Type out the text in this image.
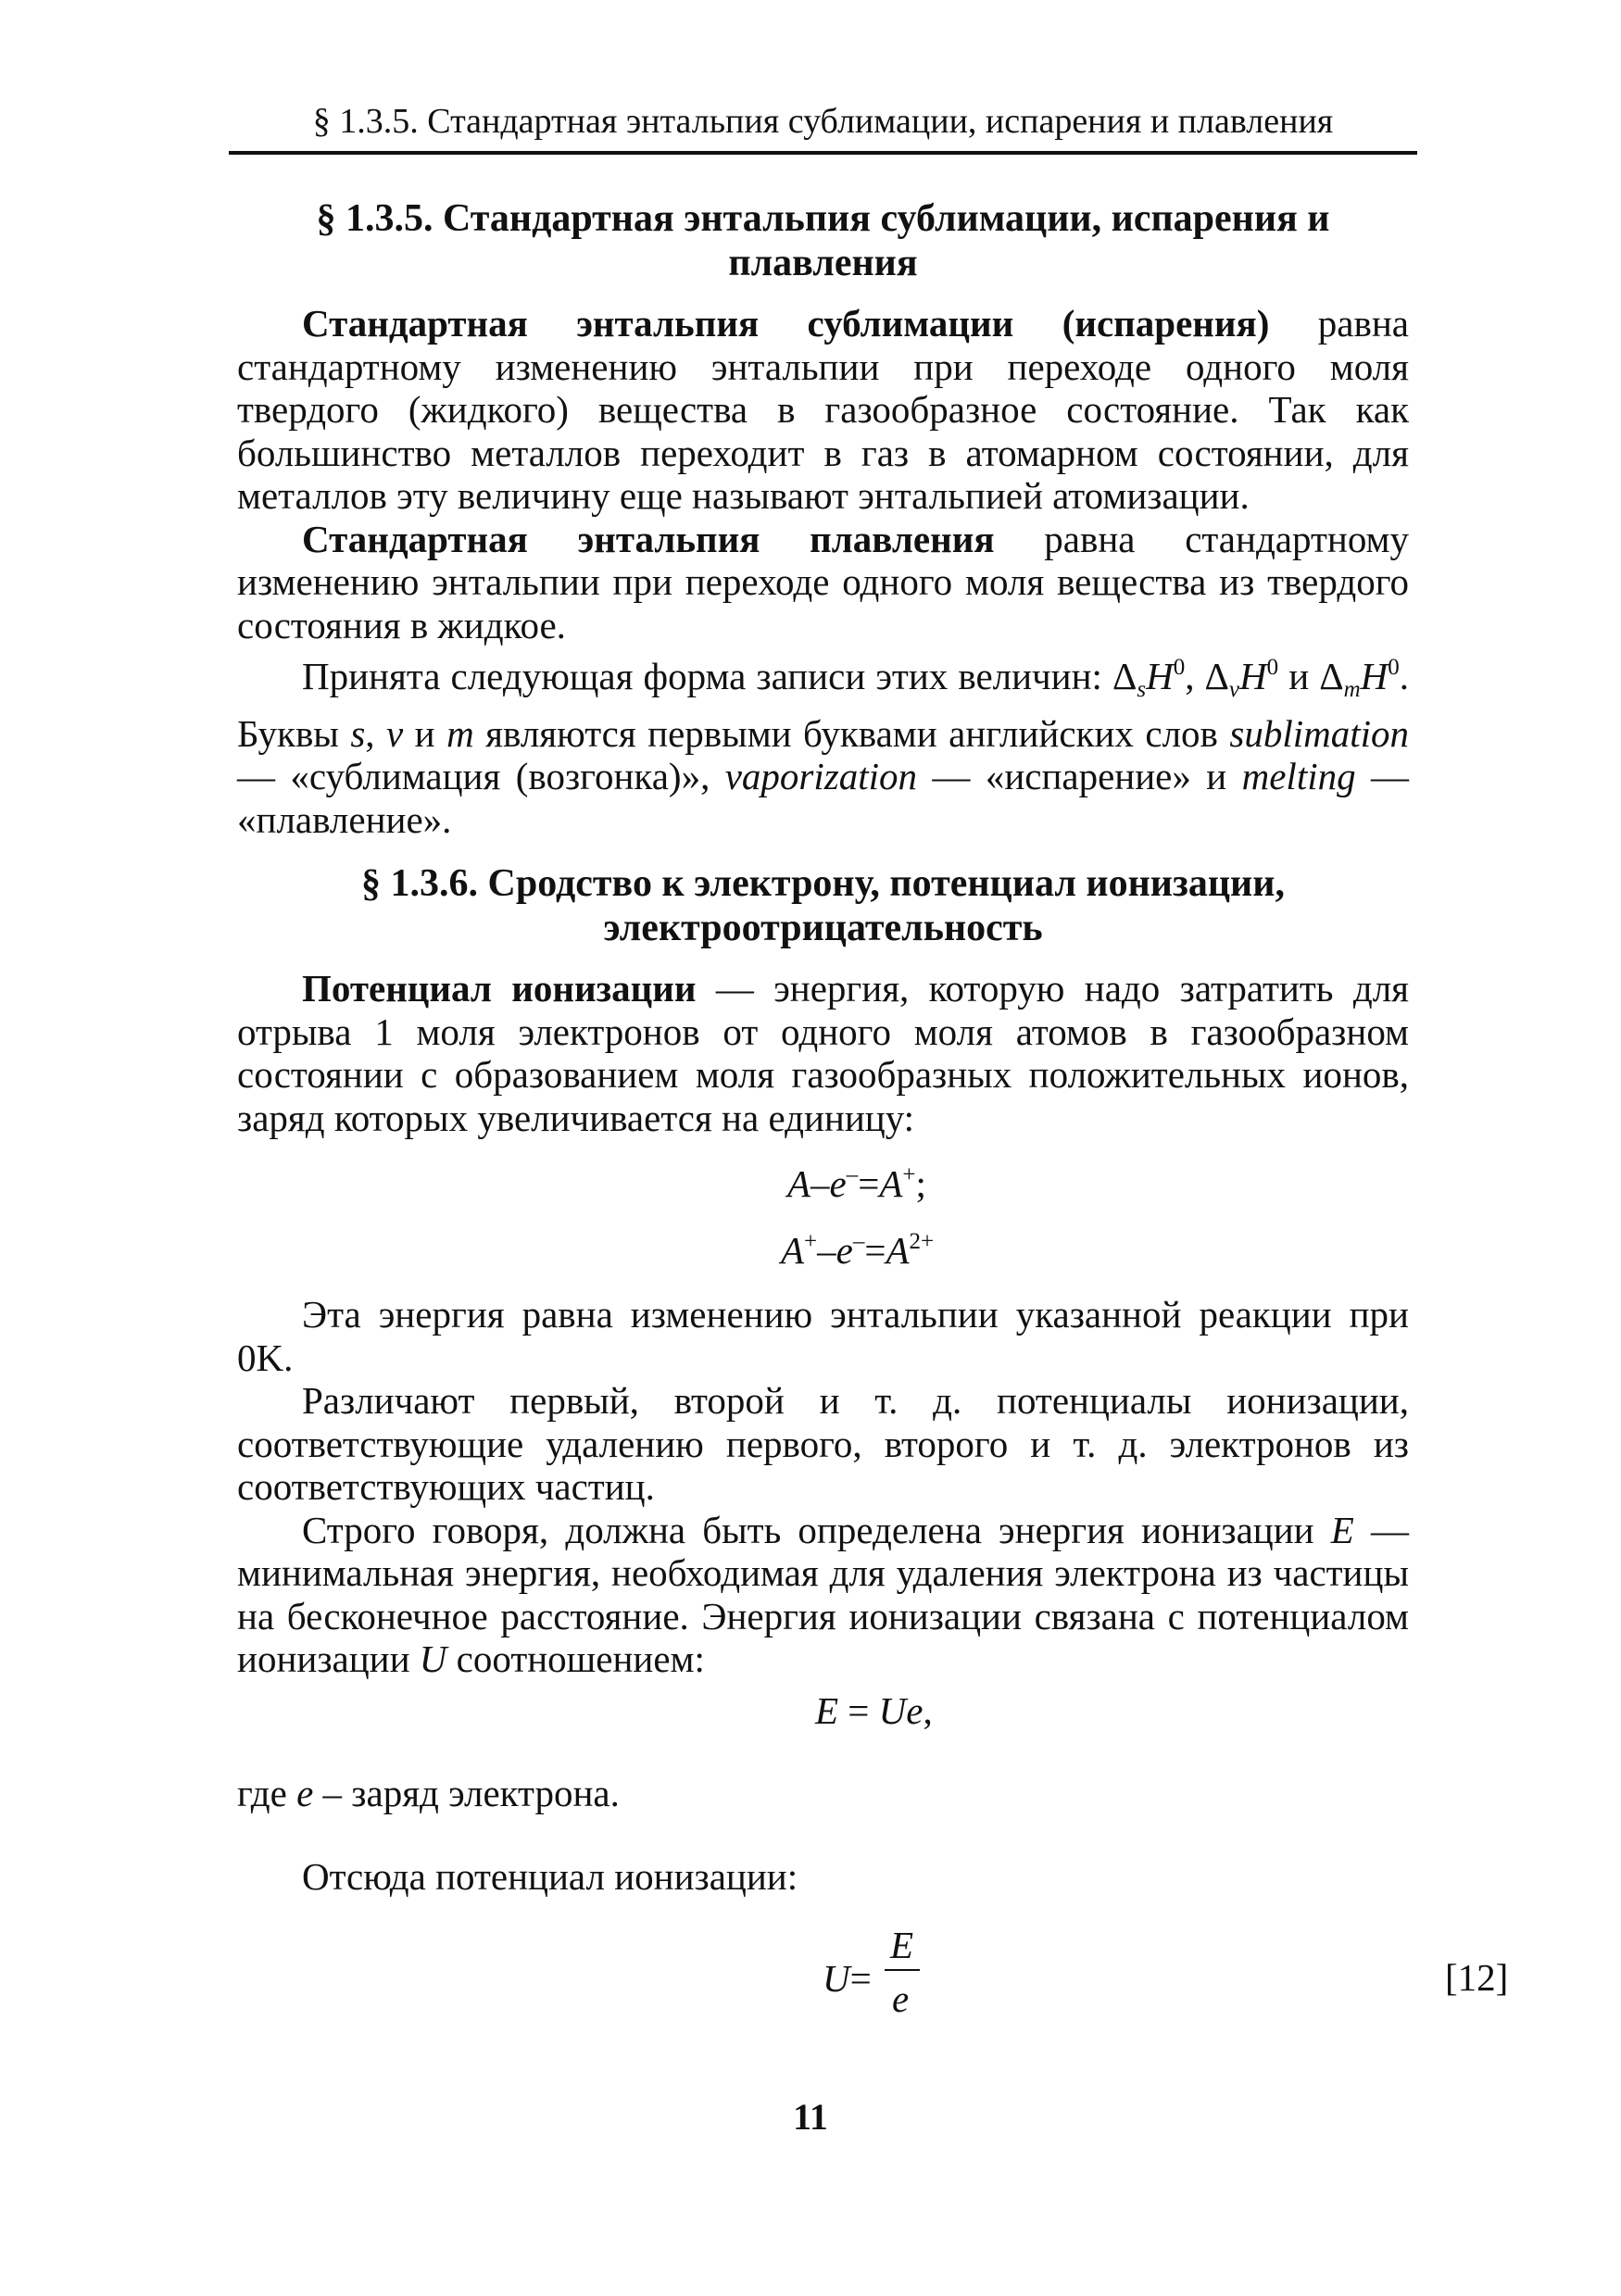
§ 1.3.5. Стандартная энтальпия сублимации, испарения и плавления
§ 1.3.5. Стандартная энтальпия сублимации, испарения и
плавления

Стандартная энтальпия сублимации (испарения) равна стандартному изменению энтальпии при переходе одного моля твердого (жидкого) вещества в газообразное состояние. Так как большинство металлов переходит в газ в атомарном состоянии, для металлов эту величину еще называют энтальпией атомизации.

Стандартная энтальпия плавления равна стандартному изменению энтальпии при переходе одного моля вещества из твердого состояния в жидкое.

Принята следующая форма записи этих величин: $\Delta_sH^0$, $\Delta_vH^0$ и $\Delta_mH^0$. Буквы s, v и m являются первыми буквами английских слов sublimation — «сублимация (возгонка)», vaporization — «испарение» и melting — «плавление».

§ 1.3.6. Сродство к электрону, потенциал ионизации,
электроотрицательность

Потенциал ионизации — энергия, которую надо затратить для отрыва 1 моля электронов от одного моля атомов в газообразном состоянии с образованием моля газообразных положительных ионов, заряд которых увеличивается на единицу:

A–e–=A+;
$A^+-e^-=A^{2+}$

Эта энергия равна изменению энтальпии указанной реакции при 0K.

Различают первый, второй и т. д. потенциалы ионизации, соответствующие удалению первого, второго и т. д. электронов из соответствующих частиц.

Строго говоря, должна быть определена энергия ионизации E — минимальная энергия, необходимая для удаления электрона из частицы на бесконечное расстояние. Энергия ионизации связана с потенциалом ионизации U соотношением:

E = Ue,

где e – заряд электрона.

Отсюда потенциал ионизации:

U=
E
e	[12]
11
